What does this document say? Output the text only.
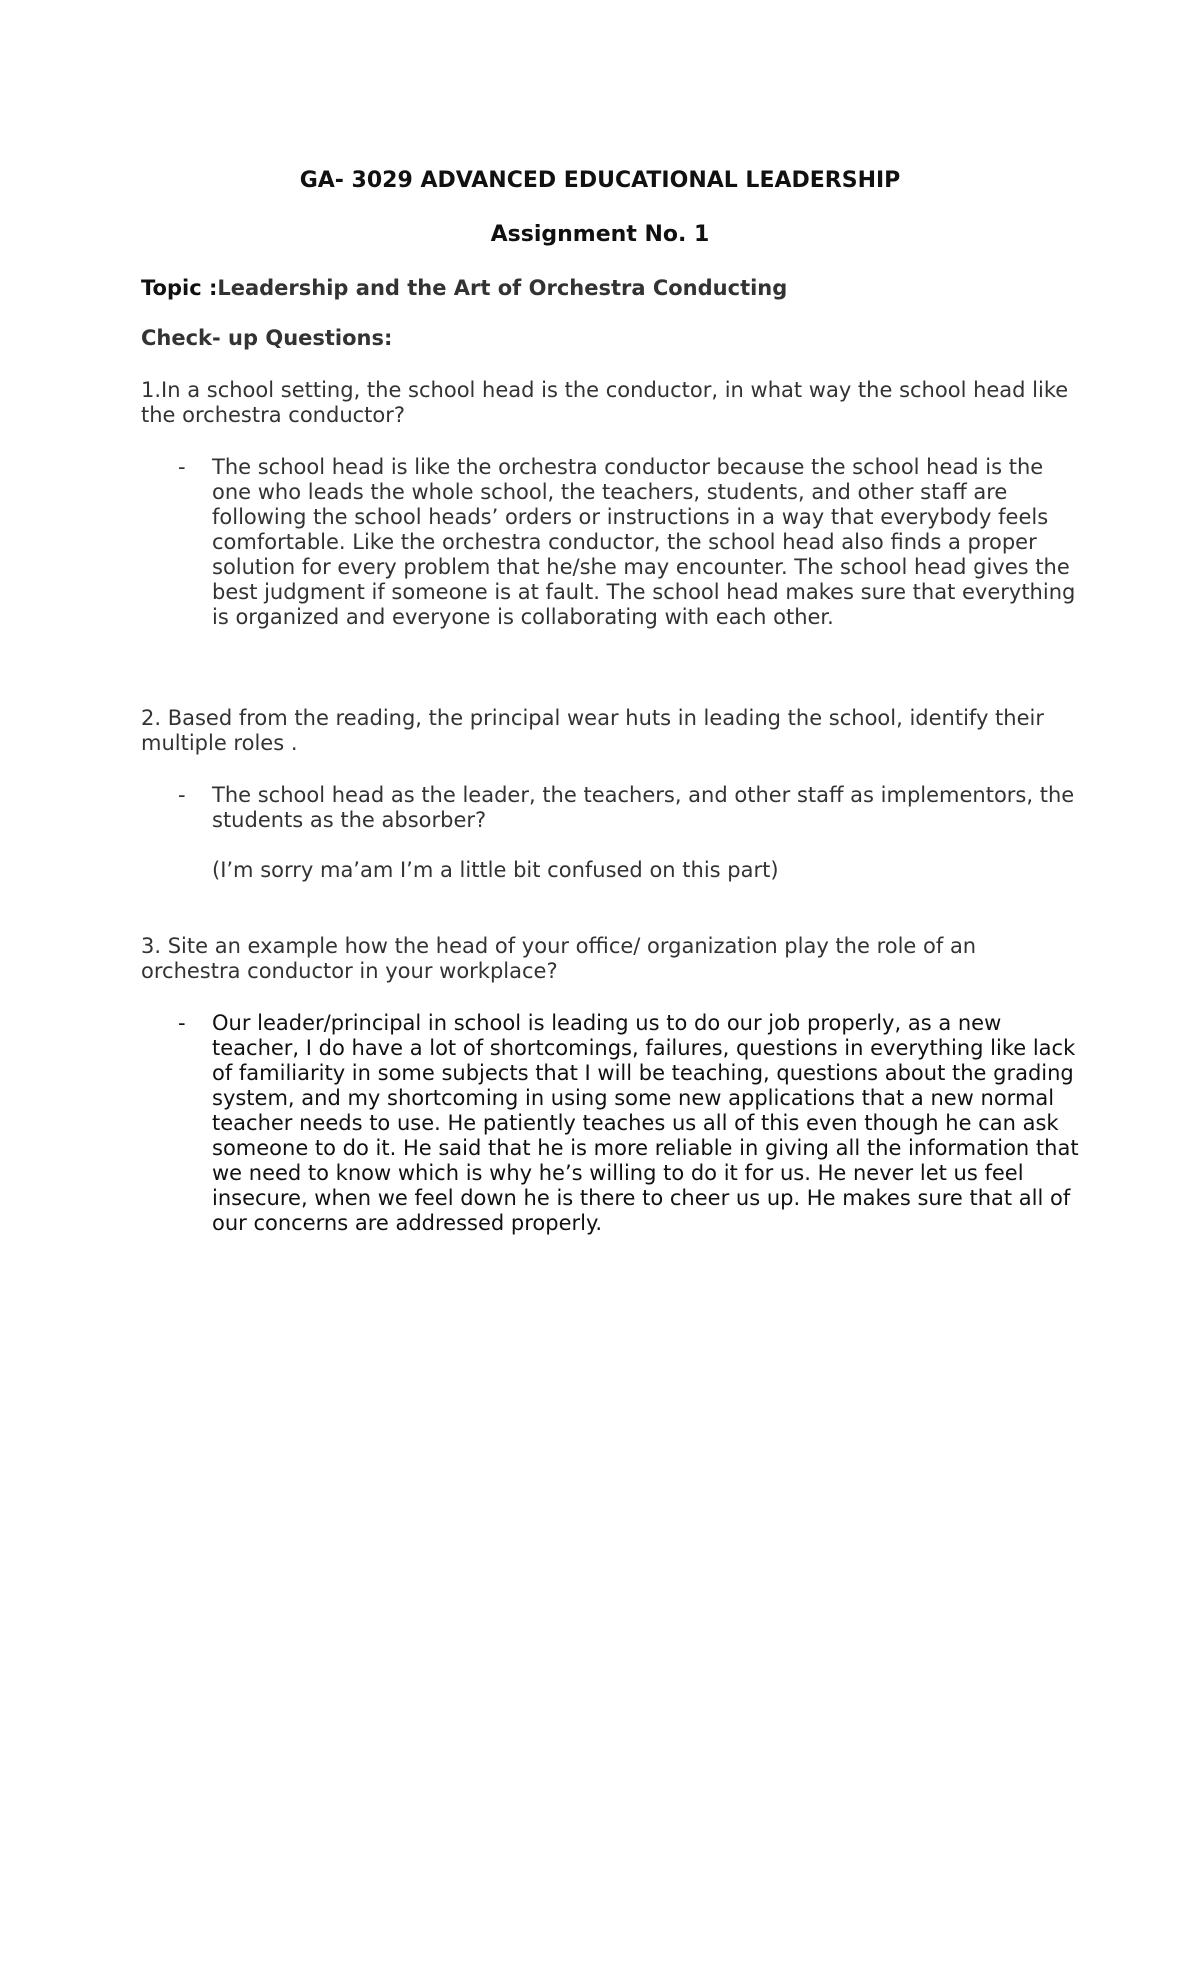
GA- 3029 ADVANCED EDUCATIONAL LEADERSHIP
Assignment No. 1

Topic :Leadership and the Art of Orchestra Conducting

Check- up Questions:

1.In a school setting, the school head is the conductor, in what way the school head like the orchestra conductor?

- The school head is like the orchestra conductor because the school head is the one who leads the whole school, the teachers, students, and other staff are following the school heads’ orders or instructions in a way that everybody feels comfortable. Like the orchestra conductor, the school head also finds a proper solution for every problem that he/she may encounter. The school head gives the best judgment if someone is at fault. The school head makes sure that everything is organized and everyone is collaborating with each other.

2. Based from the reading, the principal wear huts in leading the school, identify their multiple roles .

- The school head as the leader, the teachers, and other staff as implementors, the students as the absorber?

(I’m sorry ma’am I’m a little bit confused on this part)

3. Site an example how the head of your office/ organization play the role of an orchestra conductor in your workplace?

- Our leader/principal in school is leading us to do our job properly, as a new teacher, I do have a lot of shortcomings, failures, questions in everything like lack of familiarity in some subjects that I will be teaching, questions about the grading system, and my shortcoming in using some new applications that a new normal teacher needs to use. He patiently teaches us all of this even though he can ask someone to do it. He said that he is more reliable in giving all the information that we need to know which is why he’s willing to do it for us. He never let us feel insecure, when we feel down he is there to cheer us up. He makes sure that all of our concerns are addressed properly.
